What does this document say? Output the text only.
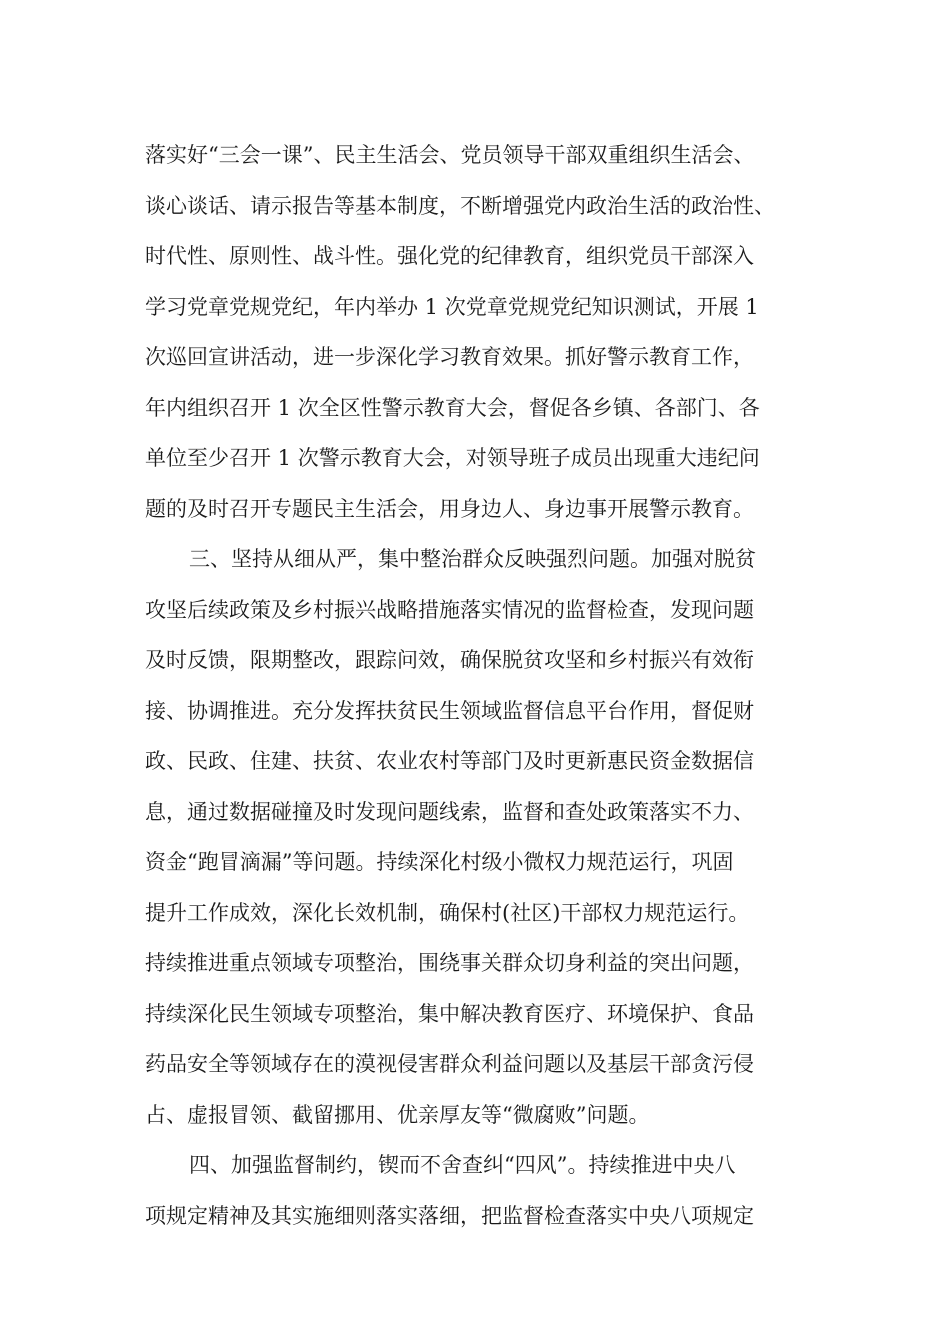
落实好“三会一课”、民主生活会、党员领导干部双重组织生活会、
谈心谈话、请示报告等基本制度，不断增强党内政治生活的政治性、
时代性、原则性、战斗性。强化党的纪律教育，组织党员干部深入
学习党章党规党纪，年内举办 1 次党章党规党纪知识测试，开展 1
次巡回宣讲活动，进一步深化学习教育效果。抓好警示教育工作，
年内组织召开 1 次全区性警示教育大会，督促各乡镇、各部门、各
单位至少召开 1 次警示教育大会，对领导班子成员出现重大违纪问
题的及时召开专题民主生活会，用身边人、身边事开展警示教育。
三、坚持从细从严，集中整治群众反映强烈问题。加强对脱贫
攻坚后续政策及乡村振兴战略措施落实情况的监督检查，发现问题
及时反馈，限期整改，跟踪问效，确保脱贫攻坚和乡村振兴有效衔
接、协调推进。充分发挥扶贫民生领域监督信息平台作用，督促财
政、民政、住建、扶贫、农业农村等部门及时更新惠民资金数据信
息，通过数据碰撞及时发现问题线索，监督和查处政策落实不力、
资金“跑冒滴漏”等问题。持续深化村级小微权力规范运行，巩固
提升工作成效，深化长效机制，确保村(社区)干部权力规范运行。
持续推进重点领域专项整治，围绕事关群众切身利益的突出问题，
持续深化民生领域专项整治，集中解决教育医疗、环境保护、食品
药品安全等领域存在的漠视侵害群众利益问题以及基层干部贪污侵
占、虚报冒领、截留挪用、优亲厚友等“微腐败”问题。
四、加强监督制约，锲而不舍查纠“四风”。持续推进中央八
项规定精神及其实施细则落实落细，把监督检查落实中央八项规定
